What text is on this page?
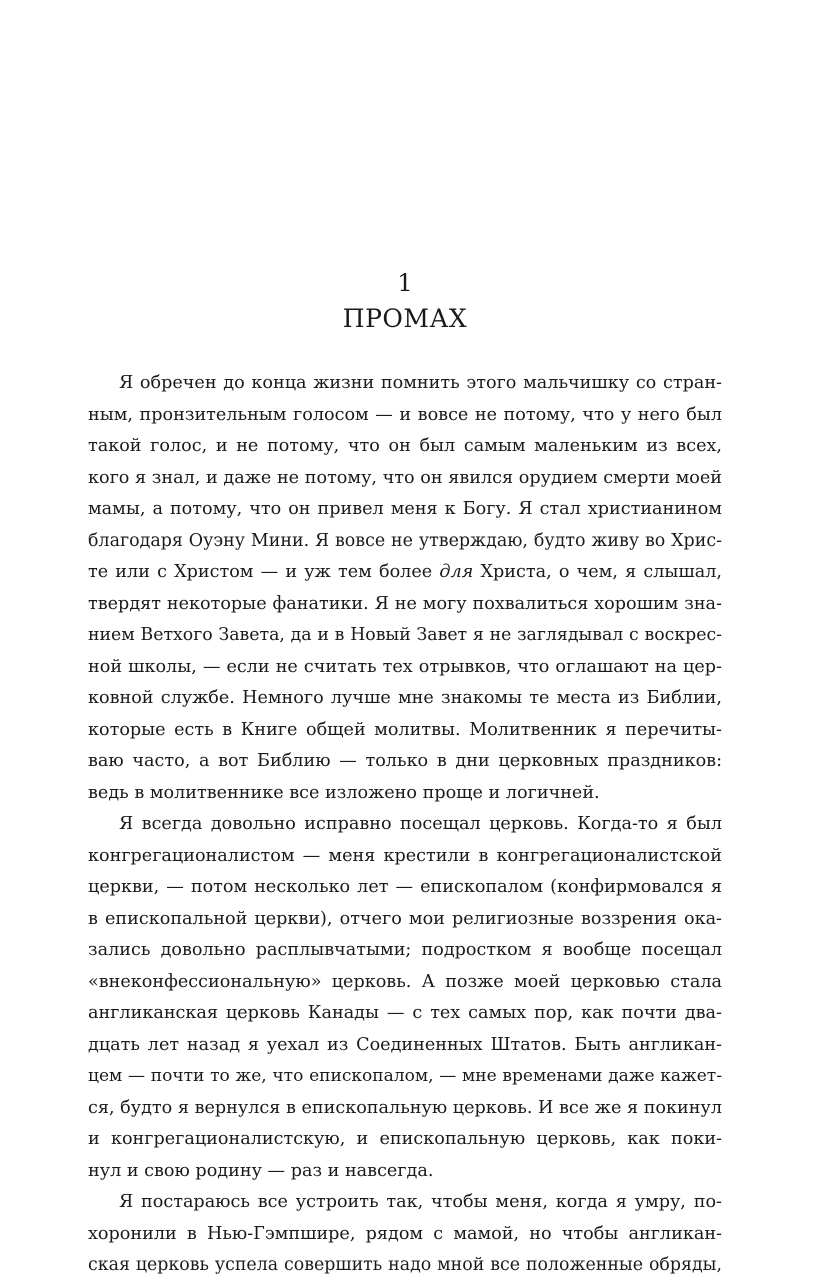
1
ПРОМАХ
Я обречен до конца жизни помнить этого мальчишку со стран-
ным, пронзительным голосом — и вовсе не потому, что у него был
такой голос, и не потому, что он был самым маленьким из всех,
кого я знал, и даже не потому, что он явился орудием смерти моей
мамы, а потому, что он привел меня к Богу. Я стал христианином
благодаря Оуэну Мини. Я вовсе не утверждаю, будто живу во Хрис-
те или с Христом — и уж тем более для Христа, о чем, я слышал,
твердят некоторые фанатики. Я не могу похвалиться хорошим зна-
нием Ветхого Завета, да и в Новый Завет я не заглядывал с воскрес-
ной школы, — если не считать тех отрывков, что оглашают на цер-
ковной службе. Немного лучше мне знакомы те места из Библии,
которые есть в Книге общей молитвы. Молитвенник я перечиты-
ваю часто, а вот Библию — только в дни церковных праздников:
ведь в молитвеннике все изложено проще и логичней.
Я всегда довольно исправно посещал церковь. Когда-то я был
конгрегационалистом — меня крестили в конгрегационалистской
церкви, — потом несколько лет — епископалом (конфирмовался я
в епископальной церкви), отчего мои религиозные воззрения ока-
зались довольно расплывчатыми; подростком я вообще посещал
«внеконфессиональную» церковь. А позже моей церковью стала
англиканская церковь Канады — с тех самых пор, как почти два-
дцать лет назад я уехал из Соединенных Штатов. Быть англикан-
цем — почти то же, что епископалом, — мне временами даже кажет-
ся, будто я вернулся в епископальную церковь. И все же я покинул
и конгрегационалистскую, и епископальную церковь, как поки-
нул и свою родину — раз и навсегда.
Я постараюсь все устроить так, чтобы меня, когда я умру, по-
хоронили в Нью-Гэмпшире, рядом с мамой, но чтобы англикан-
ская церковь успела совершить надо мной все положенные обряды,
